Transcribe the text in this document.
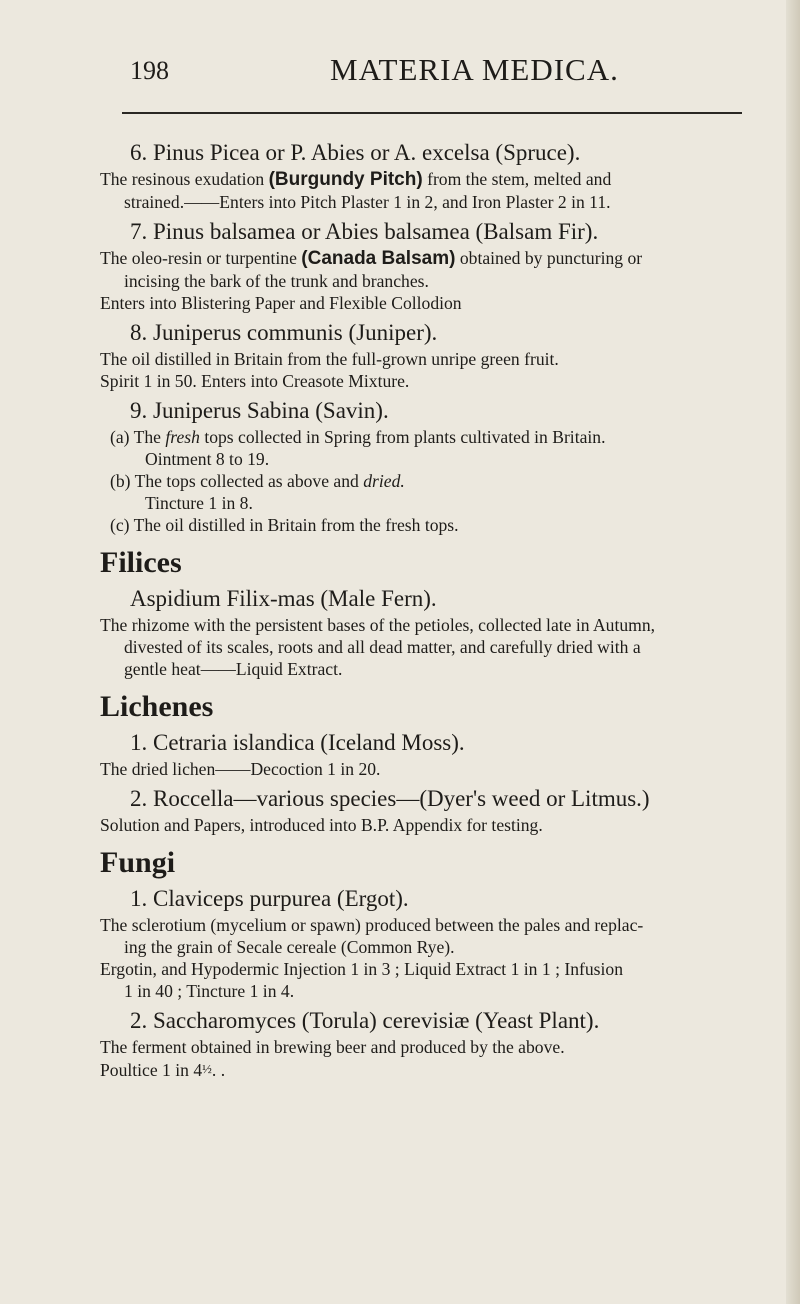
198	MATERIA MEDICA.
6. Pinus Picea or P. Abies or A. excelsa (Spruce).

The resinous exudation (Burgundy Pitch) from the stem, melted and
strained.——Enters into Pitch Plaster 1 in 2, and Iron Plaster 2 in 11.

7. Pinus balsamea or Abies balsamea (Balsam Fir).

The oleo-resin or turpentine (Canada Balsam) obtained by puncturing or
incising the bark of the trunk and branches.
Enters into Blistering Paper and Flexible Collodion

8. Juniperus communis (Juniper).

The oil distilled in Britain from the full-grown unripe green fruit.
Spirit 1 in 50. Enters into Creasote Mixture.

9. Juniperus Sabina (Savin).
(a) The fresh tops collected in Spring from plants cultivated in Britain.
Ointment 8 to 19.
(b) The tops collected as above and dried.
Tincture 1 in 8.
(c) The oil distilled in Britain from the fresh tops.
Filices
Aspidium Filix-mas (Male Fern).

The rhizome with the persistent bases of the petioles, collected late in Autumn,
divested of its scales, roots and all dead matter, and carefully dried with a
gentle heat——Liquid Extract.

Lichenes
1. Cetraria islandica (Iceland Moss).

The dried lichen——Decoction 1 in 20.

2. Roccella—various species—(Dyer's weed or Litmus.)

Solution and Papers, introduced into B.P. Appendix for testing.

Fungi
1. Claviceps purpurea (Ergot).

The sclerotium (mycelium or spawn) produced between the pales and replac-
ing the grain of Secale cereale (Common Rye).
Ergotin, and Hypodermic Injection 1 in 3 ; Liquid Extract 1 in 1 ; Infusion
1 in 40 ; Tincture 1 in 4.

2. Saccharomyces (Torula) cerevisiæ (Yeast Plant).

The ferment obtained in brewing beer and produced by the above.
Poultice 1 in 4½. .
